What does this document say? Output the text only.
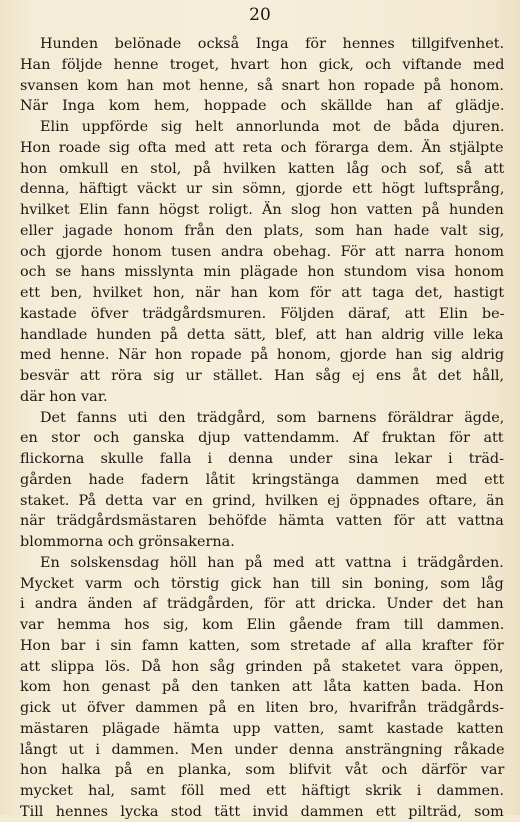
20
Hunden belönade också Inga för hennes tillgifvenhet.
Han följde henne troget, hvart hon gick, och viftande med
svansen kom han mot henne, så snart hon ropade på honom.
När Inga kom hem, hoppade och skällde han af glädje.
Elin uppförde sig helt annorlunda mot de båda djuren.
Hon roade sig ofta med att reta och förarga dem. Än stjälpte
hon omkull en stol, på hvilken katten låg och sof, så att
denna, häftigt väckt ur sin sömn, gjorde ett högt luftsprång,
hvilket Elin fann högst roligt. Än slog hon vatten på hunden
eller jagade honom från den plats, som han hade valt sig,
och gjorde honom tusen andra obehag. För att narra honom
och se hans misslynta min plägade hon stundom visa honom
ett ben, hvilket hon, när han kom för att taga det, hastigt
kastade öfver trädgårdsmuren. Följden däraf, att Elin be-
handlade hunden på detta sätt, blef, att han aldrig ville leka
med henne. När hon ropade på honom, gjorde han sig aldrig
besvär att röra sig ur stället. Han såg ej ens åt det håll,
där hon var.
Det fanns uti den trädgård, som barnens föräldrar ägde,
en stor och ganska djup vattendamm. Af fruktan för att
flickorna skulle falla i denna under sina lekar i träd-
gården hade fadern låtit kringstänga dammen med ett
staket. På detta var en grind, hvilken ej öppnades oftare, än
när trädgårdsmästaren behöfde hämta vatten för att vattna
blommorna och grönsakerna.
En solskensdag höll han på med att vattna i trädgården.
Mycket varm och törstig gick han till sin boning, som låg
i andra änden af trädgården, för att dricka. Under det han
var hemma hos sig, kom Elin gående fram till dammen.
Hon bar i sin famn katten, som stretade af alla krafter för
att slippa lös. Då hon såg grinden på staketet vara öppen,
kom hon genast på den tanken att låta katten bada. Hon
gick ut öfver dammen på en liten bro, hvarifrån trädgårds-
mästaren plägade hämta upp vatten, samt kastade katten
långt ut i dammen. Men under denna ansträngning råkade
hon halka på en planka, som blifvit våt och därför var
mycket hal, samt föll med ett häftigt skrik i dammen.
Till hennes lycka stod tätt invid dammen ett pilträd, som
